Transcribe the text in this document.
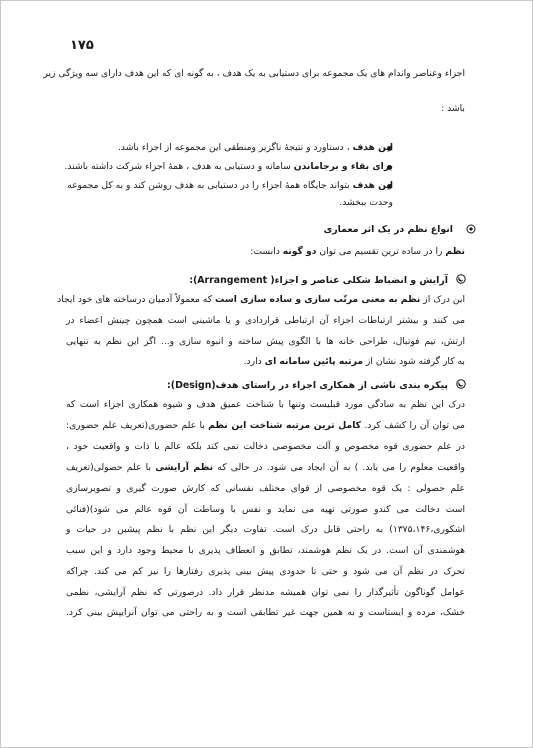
۱۷۵
اجزاء وعناصر واندام های یک مجموعه برای دستیابی به یک هدف ، به گونه ای که این هدف دارای سه ویژگی زیر
باشد :
این هدف ، دستاورد و نتیجۀ ناگزیر ومنطقی این مجموعه از اجزاء باشد.
برای بقاء و برجاماندن سامانه و دستیابی به هدف ، همۀ اجزاء شرکت داشته باشند.
این هدف بتواند جایگاه همۀ اجزاء را در دستیابی به هدف روشن کند و به کل مجموعه
وحدت ببخشد.
انواع نظم در یک اثر معماری
نظم را در ساده ترین تقسیم می توان دو گونه دانست:
آرایش و انضباط شکلی عناصر و اجزاء( Arrangement):
این درک از نظم به معنی مرتّب سازی و ساده سازی است که معمولاً آدمیان درساخته های خود ایجاد
می کنند و بیشتر ارتباطات اجزاء آن ارتباطی قراردادی و یا ماشینی است همچون چینش اعضاء در
ارتش، تیم فوتبال، طراحی خانه ها با الگوی پیش ساخته و انبوه سازی و... اگر این نظم به تنهایی
به کار گرفته شود نشان از مرتبه پائین سامانه ای دارد.
پیکره بندی ناشی از همکاری اجزاء در راستای هدف(Design):
درک این نظم به سادگی مورد قبلیست وتنها با شناخت عمیق هدف و شیوه همکاری اجزاء است که
می توان آن را کشف کرد. کامل ترین مرتبه شناخت این نظم با علم حضوری(تعریف علم حضوری:
در علم حضوری قوه مخصوص و آلت مخصوصی دخالت نمی کند بلکه عالم با ذات و واقعیت خود ،
واقعیت معلوم را می یابد. ) به آن ایجاد می شود. در حالی که نظم آرایشی با علم حصولی(تعریف
علم حصولی : یک قوه مخصوصی از قوای مختلف نفسانی که کارش صورت گیری و تصویرسازی
است دخالت می کندو صورتی تهیه می نماید و نفس با وساطت آن قوه عالم می شود)(فنائی
اشکوری،۱۳۷۵،۱۴۶) به راحتی قابل درک است. تفاوت دیگر این نظم با نظم پیشین در حیات و
هوشمندی آن است. در یک نظم هوشمند، تطابق و انعطاف پذیری با محیط وجود دارد و این سبب
تحرک در نظم آن می شود و حتی تا حدودی پیش بینی پذیری رفتارها را نیز کم می کند. چراکه
عوامل گوناگون تأثیرگذار را نمی توان همیشه مدنظر قرار داد. درصورتی که نظم آرایشی، نظمی
خشک، مرده و ایستاست و به همین جهت غیر تطابقی است و به راحتی می توان آنرایپش بینی کرد.
